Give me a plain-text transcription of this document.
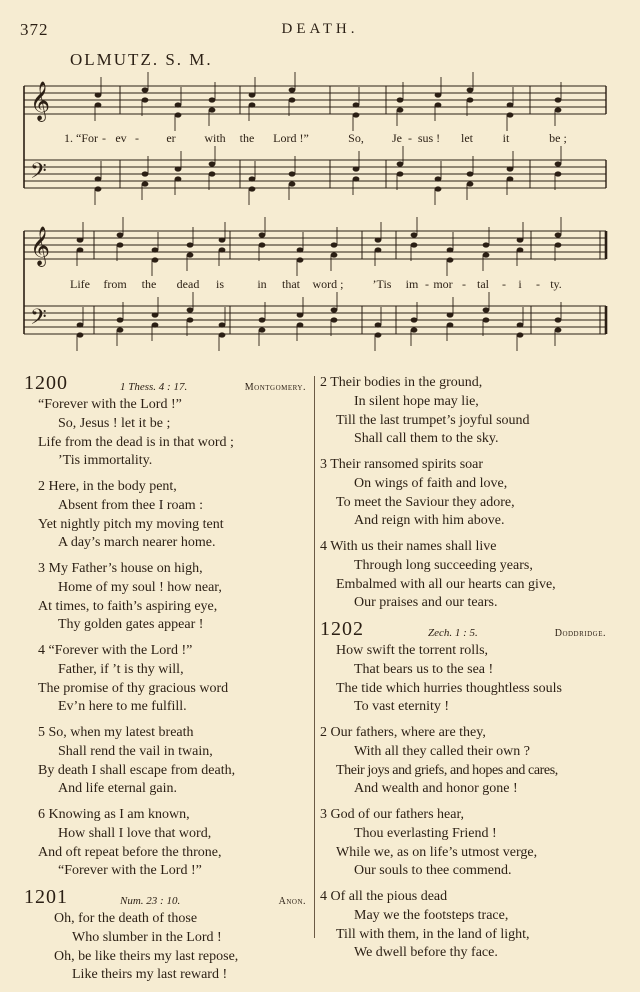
372	DEATH.
OLMUTZ. S. M.
𝄞
𝄢
𝄞
𝄢
1. “For - ev - er with the Lord !”	So, Je - sus ! let it	be ;
Life from the dead is	in that word ; ’Tis im - mor - tal - i - ty.
1200	1 Thess. 4 : 17.	Montgomery.
“Forever with the Lord !”
So, Jesus ! let it be ;
Life from the dead is in that word ;
’Tis immortality.
2 Here, in the body pent,
Absent from thee I roam :
Yet nightly pitch my moving tent
A day’s march nearer home.
3 My Father’s house on high,
Home of my soul ! how near,
At times, to faith’s aspiring eye,
Thy golden gates appear !
4 “Forever with the Lord !”
Father, if ’t is thy will,
The promise of thy gracious word
Ev’n here to me fulfill.
5 So, when my latest breath
Shall rend the vail in twain,
By death I shall escape from death,
And life eternal gain.
6 Knowing as I am known,
How shall I love that word,
And oft repeat before the throne,
“Forever with the Lord !”
1201	Num. 23 : 10.	Anon.
Oh, for the death of those
Who slumber in the Lord !
Oh, be like theirs my last repose,
Like theirs my last reward !
2 Their bodies in the ground,
In silent hope may lie,
Till the last trumpet’s joyful sound
Shall call them to the sky.
3 Their ransomed spirits soar
On wings of faith and love,
To meet the Saviour they adore,
And reign with him above.
4 With us their names shall live
Through long succeeding years,
Embalmed with all our hearts can give,
Our praises and our tears.
1202	Zech. 1 : 5.	Doddridge.
How swift the torrent rolls,
That bears us to the sea !
The tide which hurries thoughtless souls
To vast eternity !
2 Our fathers, where are they,
With all they called their own ?
Their joys and griefs, and hopes and cares,
And wealth and honor gone !
3 God of our fathers hear,
Thou everlasting Friend !
While we, as on life’s utmost verge,
Our souls to thee commend.
4 Of all the pious dead
May we the footsteps trace,
Till with them, in the land of light,
We dwell before thy face.
